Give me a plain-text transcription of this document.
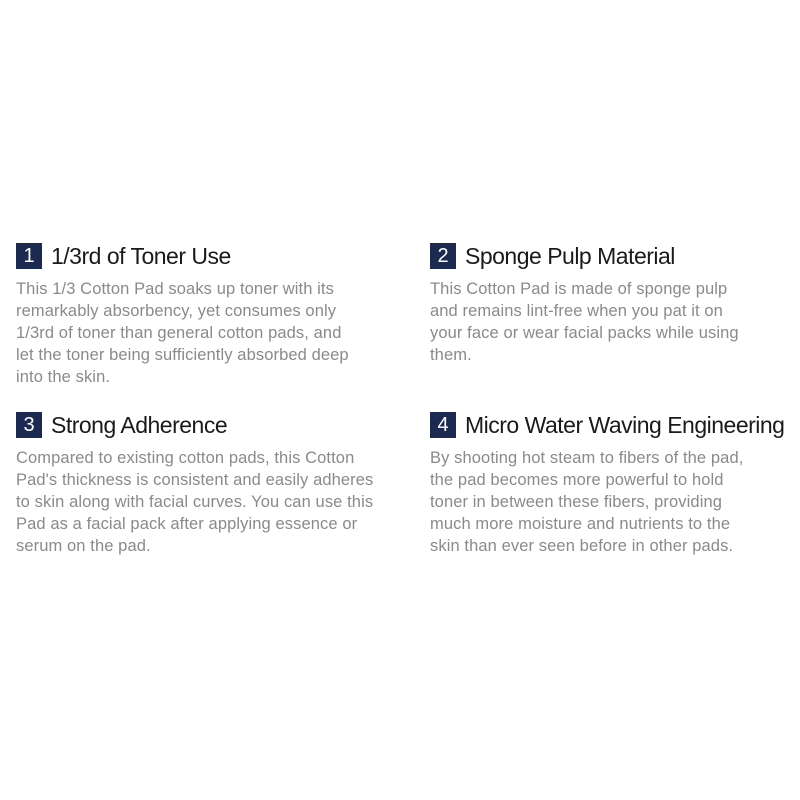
1 1/3rd of Toner Use
This 1/3 Cotton Pad soaks up toner with its
remarkably absorbency, yet consumes only
1/3rd of toner than general cotton pads, and
let the toner being sufficiently absorbed deep
into the skin.
2 Sponge Pulp Material
This Cotton Pad is made of sponge pulp
and remains lint-free when you pat it on
your face or wear facial packs while using
them.
3 Strong Adherence
Compared to existing cotton pads, this Cotton
Pad's thickness is consistent and easily adheres
to skin along with facial curves. You can use this
Pad as a facial pack after applying essence or
serum on the pad.
4 Micro Water Waving Engineering
By shooting hot steam to fibers of the pad,
the pad becomes more powerful to hold
toner in between these fibers, providing
much more moisture and nutrients to the
skin than ever seen before in other pads.
